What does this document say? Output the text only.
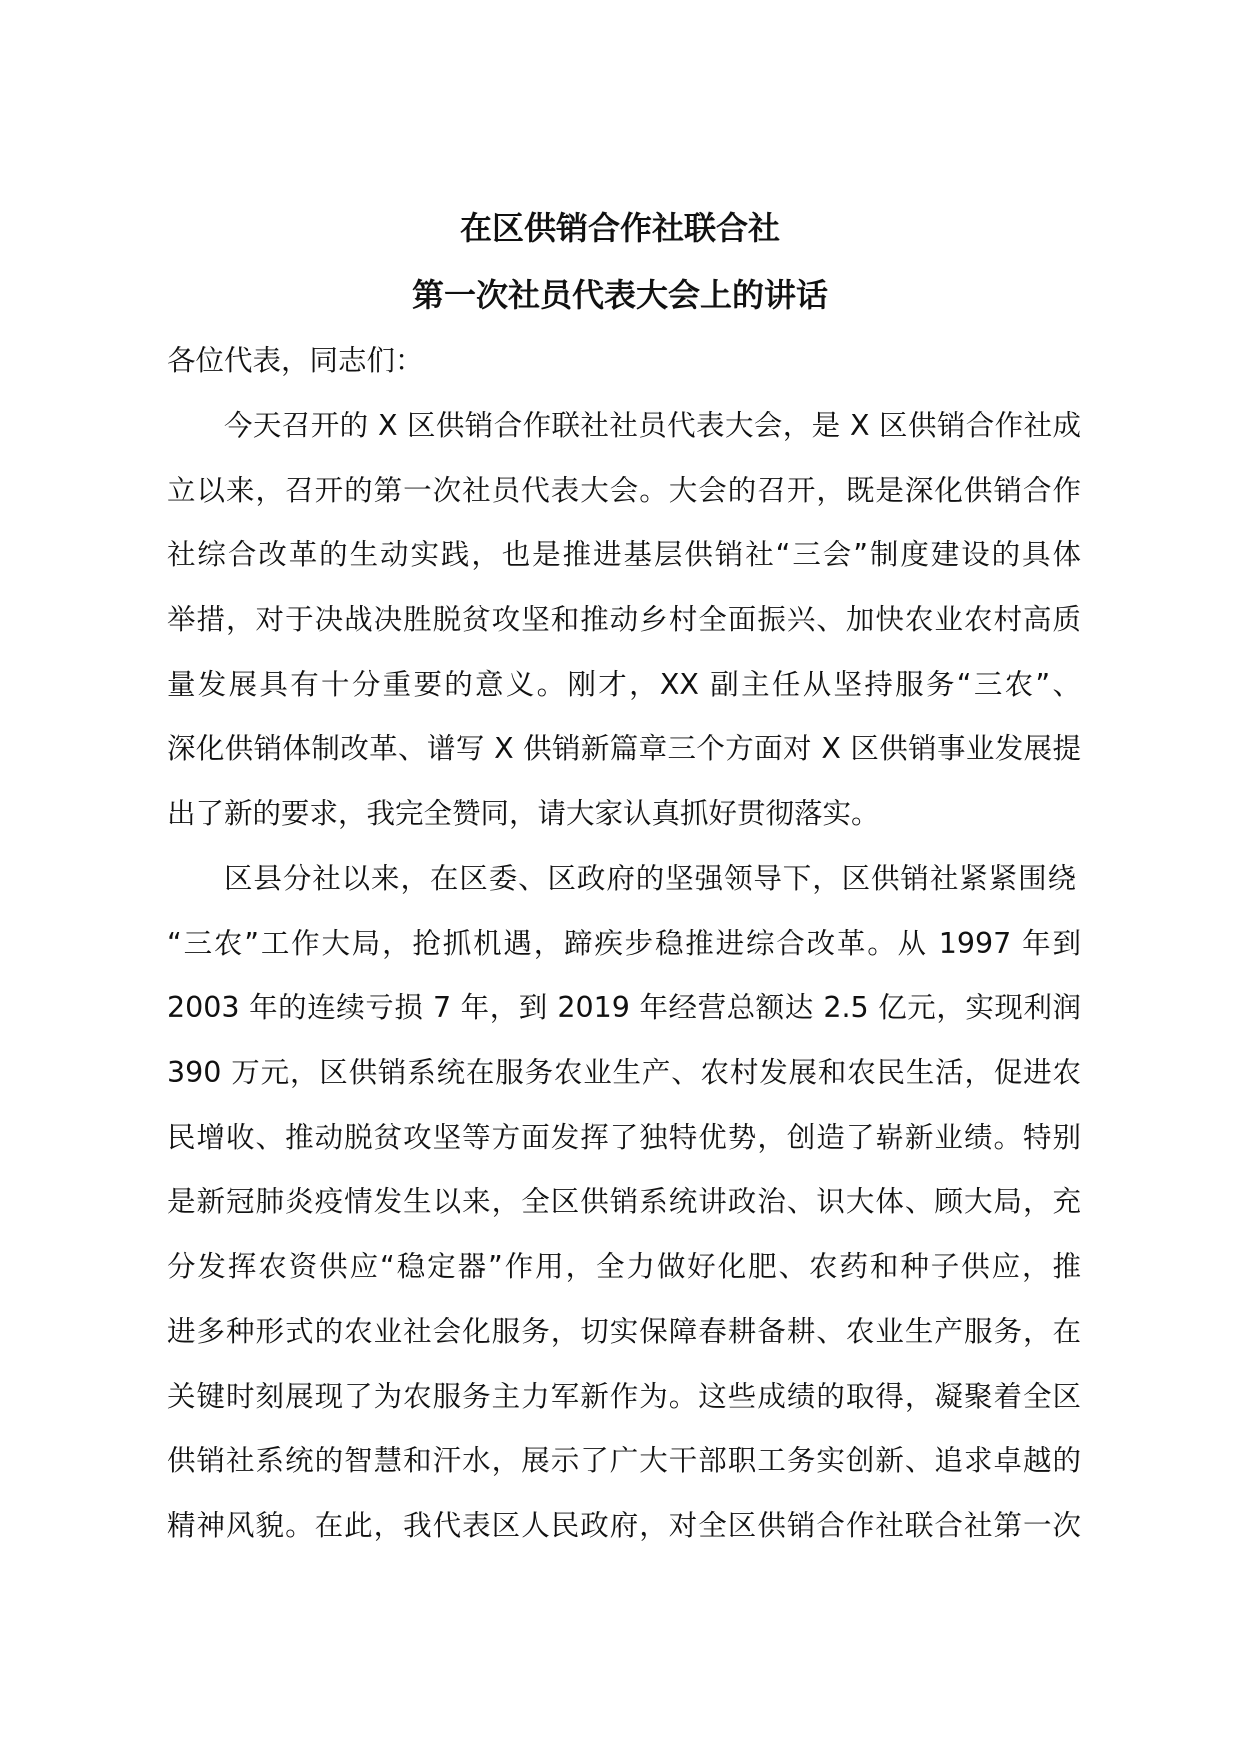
在区供销合作社联合社
第一次社员代表大会上的讲话

各位代表，同志们：

今天召开的 X 区供销合作联社社员代表大会，是 X 区供销合作社成

立以来，召开的第一次社员代表大会。大会的召开，既是深化供销合作

社综合改革的生动实践，也是推进基层供销社“三会”制度建设的具体

举措，对于决战决胜脱贫攻坚和推动乡村全面振兴、加快农业农村高质

量发展具有十分重要的意义。刚才，XX 副主任从坚持服务“三农”、

深化供销体制改革、谱写 X 供销新篇章三个方面对 X 区供销事业发展提

出了新的要求，我完全赞同，请大家认真抓好贯彻落实。

区县分社以来，在区委、区政府的坚强领导下，区供销社紧紧围绕

“三农”工作大局，抢抓机遇，蹄疾步稳推进综合改革。从 1997 年到

2003 年的连续亏损 7 年，到 2019 年经营总额达 2.5 亿元，实现利润

390 万元，区供销系统在服务农业生产、农村发展和农民生活，促进农

民增收、推动脱贫攻坚等方面发挥了独特优势，创造了崭新业绩。特别

是新冠肺炎疫情发生以来，全区供销系统讲政治、识大体、顾大局，充

分发挥农资供应“稳定器”作用，全力做好化肥、农药和种子供应，推

进多种形式的农业社会化服务，切实保障春耕备耕、农业生产服务，在

关键时刻展现了为农服务主力军新作为。这些成绩的取得，凝聚着全区

供销社系统的智慧和汗水，展示了广大干部职工务实创新、追求卓越的

精神风貌。在此，我代表区人民政府，对全区供销合作社联合社第一次
